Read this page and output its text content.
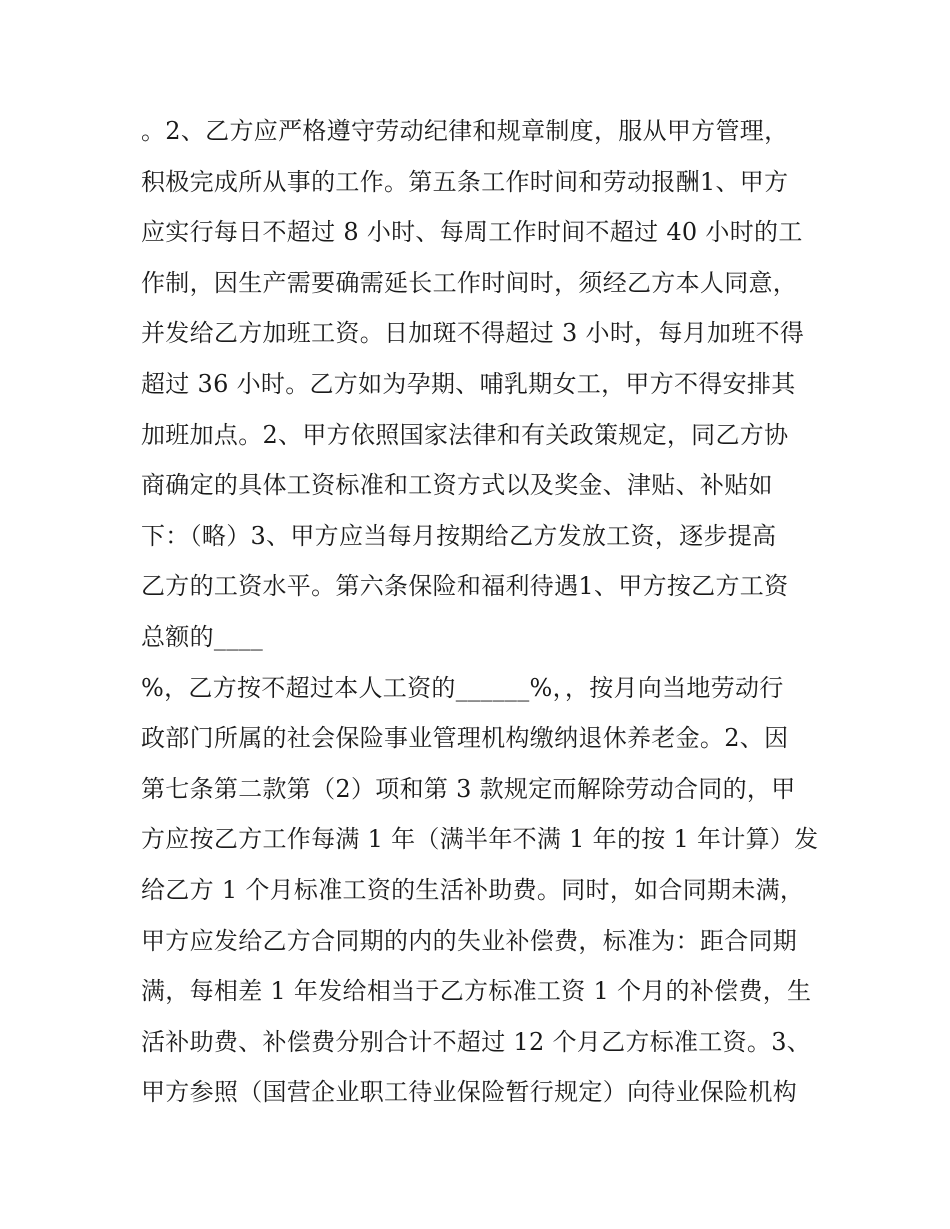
。2、乙方应严格遵守劳动纪律和规章制度，服从甲方管理，
积极完成所从事的工作。第五条工作时间和劳动报酬1、甲方
应实行每日不超过 8 小时、每周工作时间不超过 40 小时的工
作制，因生产需要确需延长工作时间时，须经乙方本人同意，
并发给乙方加班工资。日加斑不得超过 3 小时，每月加班不得
超过 36 小时。乙方如为孕期、哺乳期女工，甲方不得安排其
加班加点。2、甲方依照国家法律和有关政策规定，同乙方协
商确定的具体工资标准和工资方式以及奖金、津贴、补贴如
下：（略）3、甲方应当每月按期给乙方发放工资，逐步提高
乙方的工资水平。第六条保险和福利待遇1、甲方按乙方工资
总额的____
%，乙方按不超过本人工资的______%，，按月向当地劳动行
政部门所属的社会保险事业管理机构缴纳退休养老金。2、因
第七条第二款第（2）项和第 3 款规定而解除劳动合同的，甲
方应按乙方工作每满 1 年（满半年不满 1 年的按 1 年计算）发
给乙方 1 个月标准工资的生活补助费。同时，如合同期未满，
甲方应发给乙方合同期的内的失业补偿费，标准为：距合同期
满，每相差 1 年发给相当于乙方标准工资 1 个月的补偿费，生
活补助费、补偿费分别合计不超过 12 个月乙方标准工资。3、
甲方参照（国营企业职工待业保险暂行规定）向待业保险机构
